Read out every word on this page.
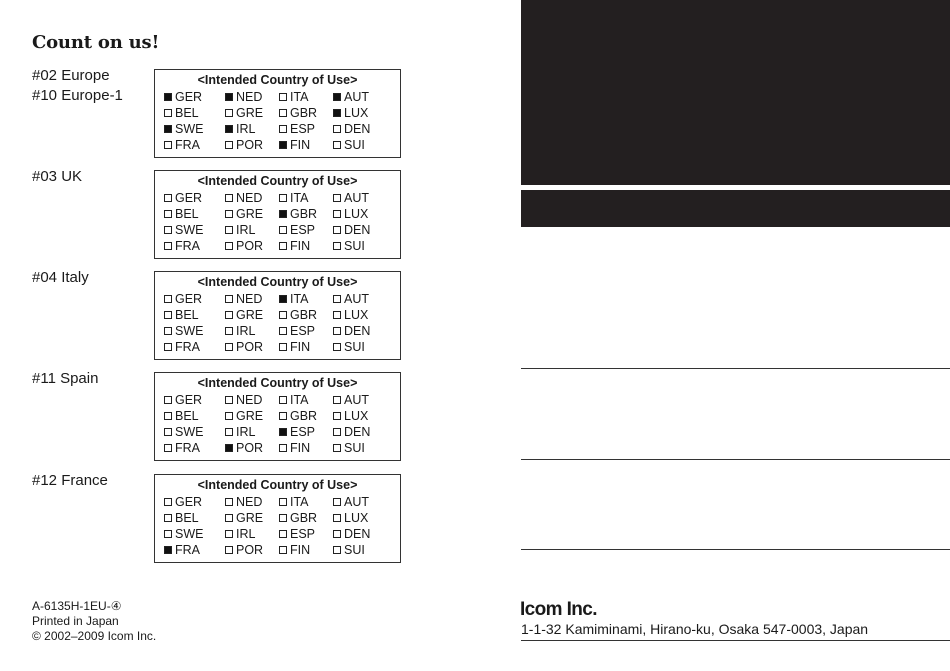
Count on us!
#02 Europe
#10 Europe-1
<Intended Country of Use>
GER	NED	ITA	AUT
BEL	GRE	GBR	LUX
SWE	IRL	ESP	DEN
FRA	POR	FIN	SUI
#03 UK	<Intended Country of Use>
GER	NED	ITA	AUT
BEL	GRE	GBR	LUX
SWE	IRL	ESP	DEN
FRA	POR	FIN	SUI
#04 Italy	<Intended Country of Use>
GER	NED	ITA	AUT
BEL	GRE	GBR	LUX
SWE	IRL	ESP	DEN
FRA	POR	FIN	SUI
#11 Spain	<Intended Country of Use>
GER	NED	ITA	AUT
BEL	GRE	GBR	LUX
SWE	IRL	ESP	DEN
FRA	POR	FIN	SUI
#12 France	<Intended Country of Use>
GER	NED	ITA	AUT
BEL	GRE	GBR	LUX
SWE	IRL	ESP	DEN
FRA	POR	FIN	SUI
A-6135H-1EU-④
Printed in Japan
© 2002–2009 Icom Inc.
Icom Inc.
1-1-32 Kamiminami, Hirano-ku, Osaka 547-0003, Japan
